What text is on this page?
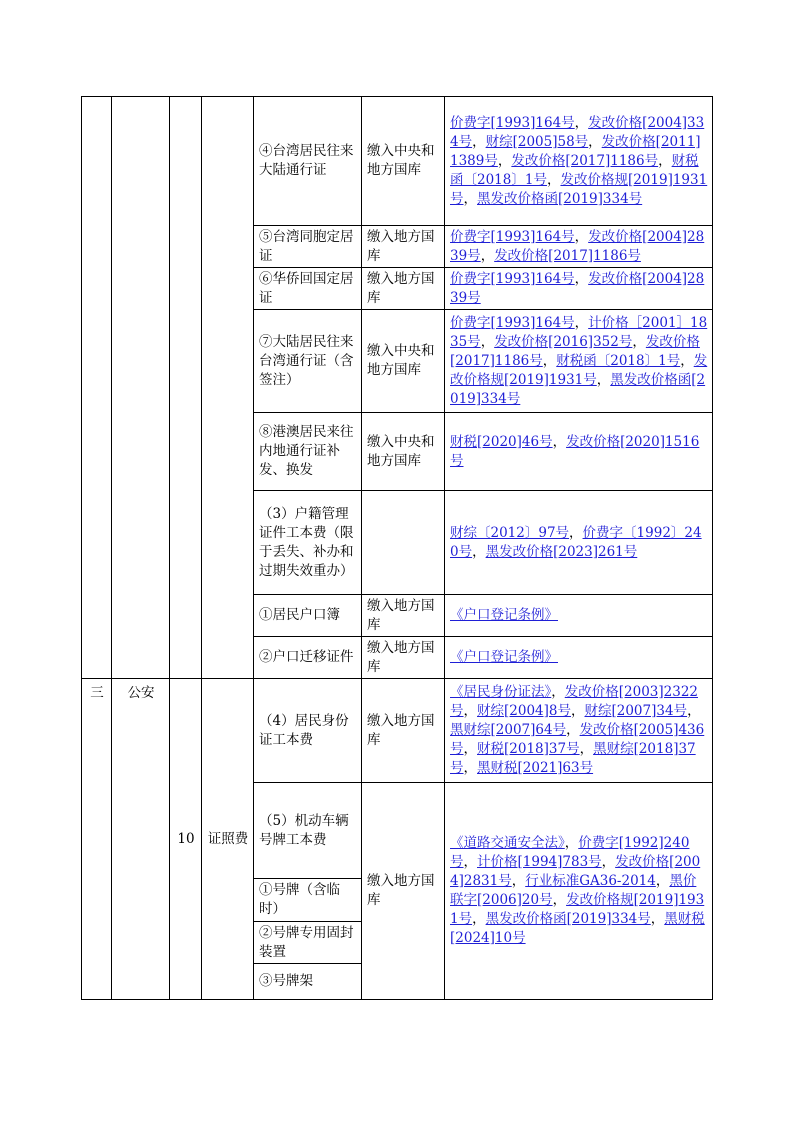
				④台湾居民往来大陆通行证	缴入中央和地方国库	价费字[1993]164号，发改价格[2004]334号，财综[2005]58号，发改价格[2011]1389号，发改价格[2017]1186号，财税函〔2018〕1号，发改价格规[2019]1931号，黑发改价格函[2019]334号
				⑤台湾同胞定居证	缴入地方国库	价费字[1993]164号，发改价格[2004]2839号，发改价格[2017]1186号
				⑥华侨回国定居证	缴入地方国库	价费字[1993]164号，发改价格[2004]2839号
				⑦大陆居民往来台湾通行证（含签注）	缴入中央和地方国库	价费字[1993]164号，计价格［2001］1835号，发改价格[2016]352号，发改价格[2017]1186号，财税函〔2018〕1号，发改价格规[2019]1931号，黑发改价格函[2019]334号
				⑧港澳居民来往内地通行证补发、换发	缴入中央和地方国库	财税[2020]46号，发改价格[2020]1516号
				（3）户籍管理证件工本费（限于丢失、补办和过期失效重办）		财综〔2012〕97号，价费字〔1992〕240号，黑发改价格[2023]261号
				①居民户口簿	缴入地方国库	《户口登记条例》
				②户口迁移证件	缴入地方国库	《户口登记条例》
三	公安	10	证照费	（4）居民身份证工本费	缴入地方国库	《居民身份证法》，发改价格[2003]2322号，财综[2004]8号，财综[2007]34号，黑财综[2007]64号，发改价格[2005]436号，财税[2018]37号，黑财综[2018]37号，黑财税[2021]63号
				（5）机动车辆号牌工本费	缴入地方国库	《道路交通安全法》，价费字[1992]240号，计价格[1994]783号，发改价格[2004]2831号，行业标准GA36-2014，黑价联字[2006]20号，发改价格规[2019]1931号，黑发改价格函[2019]334号，黑财税[2024]10号
				①号牌（含临时）		
				②号牌专用固封装置		
				③号牌架		
